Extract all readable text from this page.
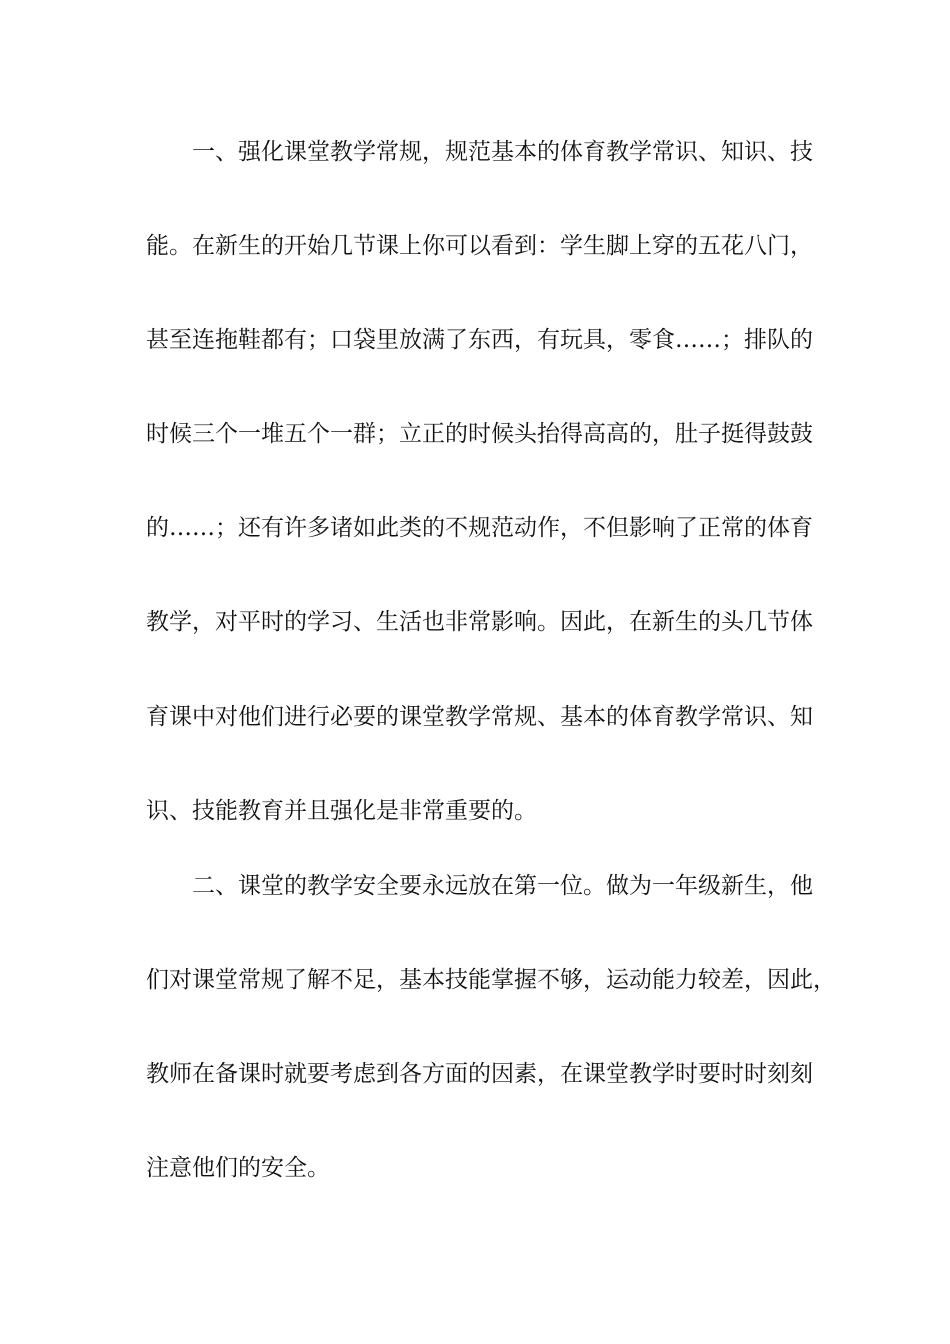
一、强化课堂教学常规，规范基本的体育教学常识、知识、技
能。在新生的开始几节课上你可以看到：学生脚上穿的五花八门，
甚至连拖鞋都有；口袋里放满了东西，有玩具，零食……；排队的
时候三个一堆五个一群；立正的时候头抬得高高的，肚子挺得鼓鼓
的……；还有许多诸如此类的不规范动作，不但影响了正常的体育
教学，对平时的学习、生活也非常影响。因此，在新生的头几节体
育课中对他们进行必要的课堂教学常规、基本的体育教学常识、知
识、技能教育并且强化是非常重要的。
二、课堂的教学安全要永远放在第一位。做为一年级新生，他
们对课堂常规了解不足，基本技能掌握不够，运动能力较差，因此，
教师在备课时就要考虑到各方面的因素，在课堂教学时要时时刻刻
注意他们的安全。
